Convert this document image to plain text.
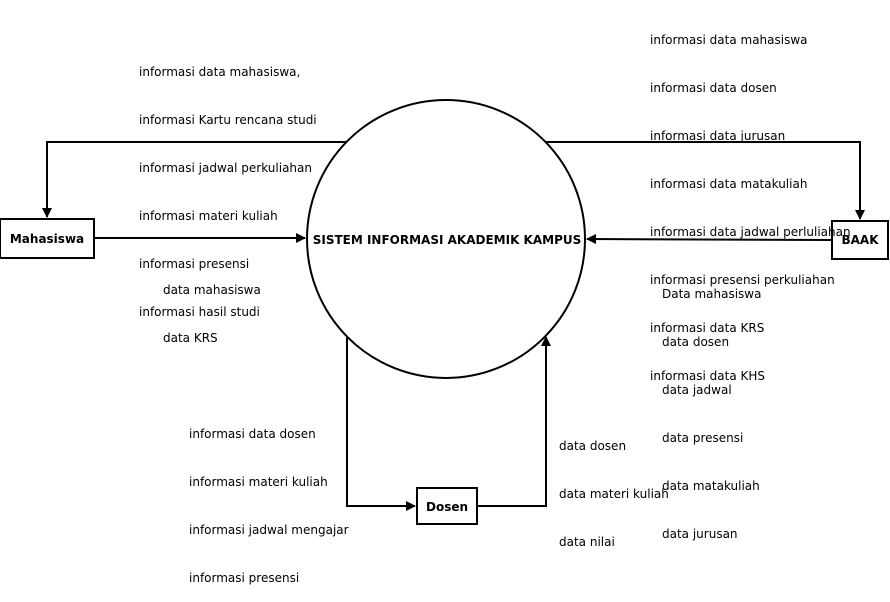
SISTEM INFORMASI AKADEMIK KAMPUS
Mahasiswa	BAAK
Dosen

informasi data mahasiswa,

informasi Kartu rencana studi

informasi jadwal perkuliahan

informasi materi kuliah

informasi presensi

informasi hasil studi

data mahasiswa

data KRS

informasi data mahasiswa

informasi data dosen

informasi data jurusan

informasi data matakuliah

informasi data jadwal perluliahan

informasi presensi perkuliahan

informasi data KRS

informasi data KHS

Data mahasiswa

data dosen

data jadwal

data presensi

data matakuliah

data jurusan

informasi data dosen

informasi materi kuliah

informasi jadwal mengajar

informasi presensi

data dosen

data materi kuliah

data nilai
